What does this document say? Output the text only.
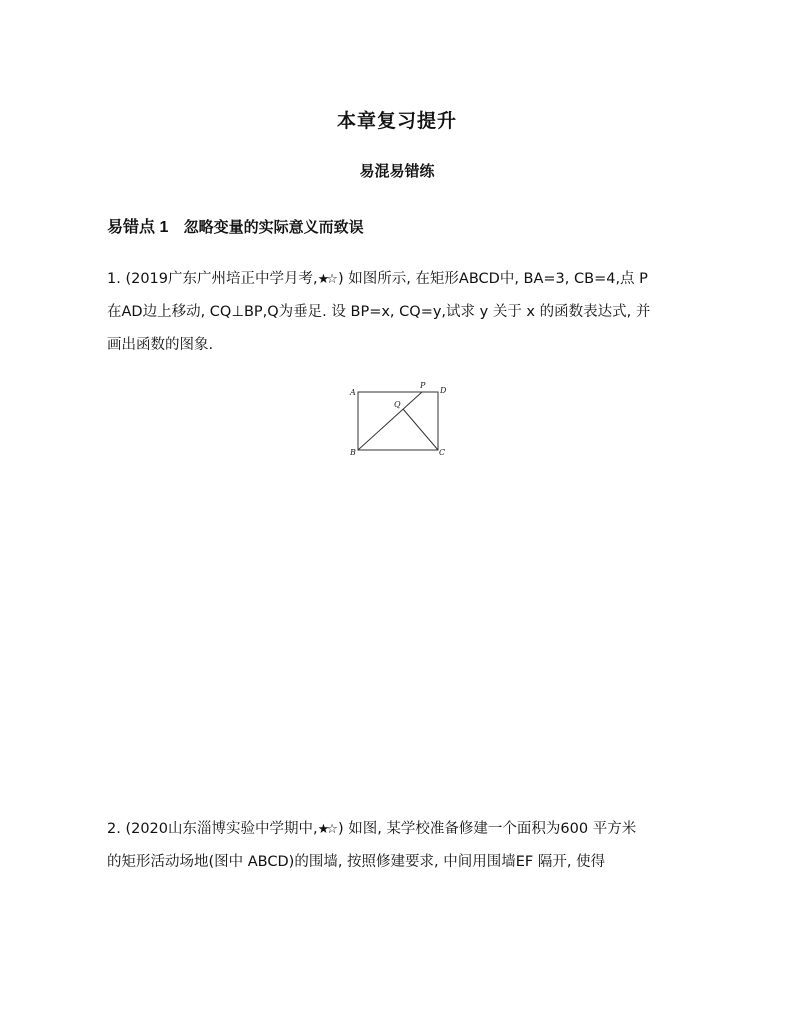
本章复习提升
易混易错练
易错点 1 忽略变量的实际意义而致误
1. (2019广东广州培正中学月考,★☆ ) 如图所示, 在矩形ABCD中, BA=3, CB=4,点 P
在AD边上移动, CQ⊥BP,Q为垂足. 设 BP=x, CQ=y,试求 y 关于 x 的函数表达式, 并
画出函数的图象.
A
B	C
D
P
Q
2. (2020山东淄博实验中学期中,★☆ ) 如图, 某学校准备修建一个面积为600 平方米
的矩形活动场地(图中 ABCD)的围墙, 按照修建要求, 中间用围墙EF 隔开, 使得
